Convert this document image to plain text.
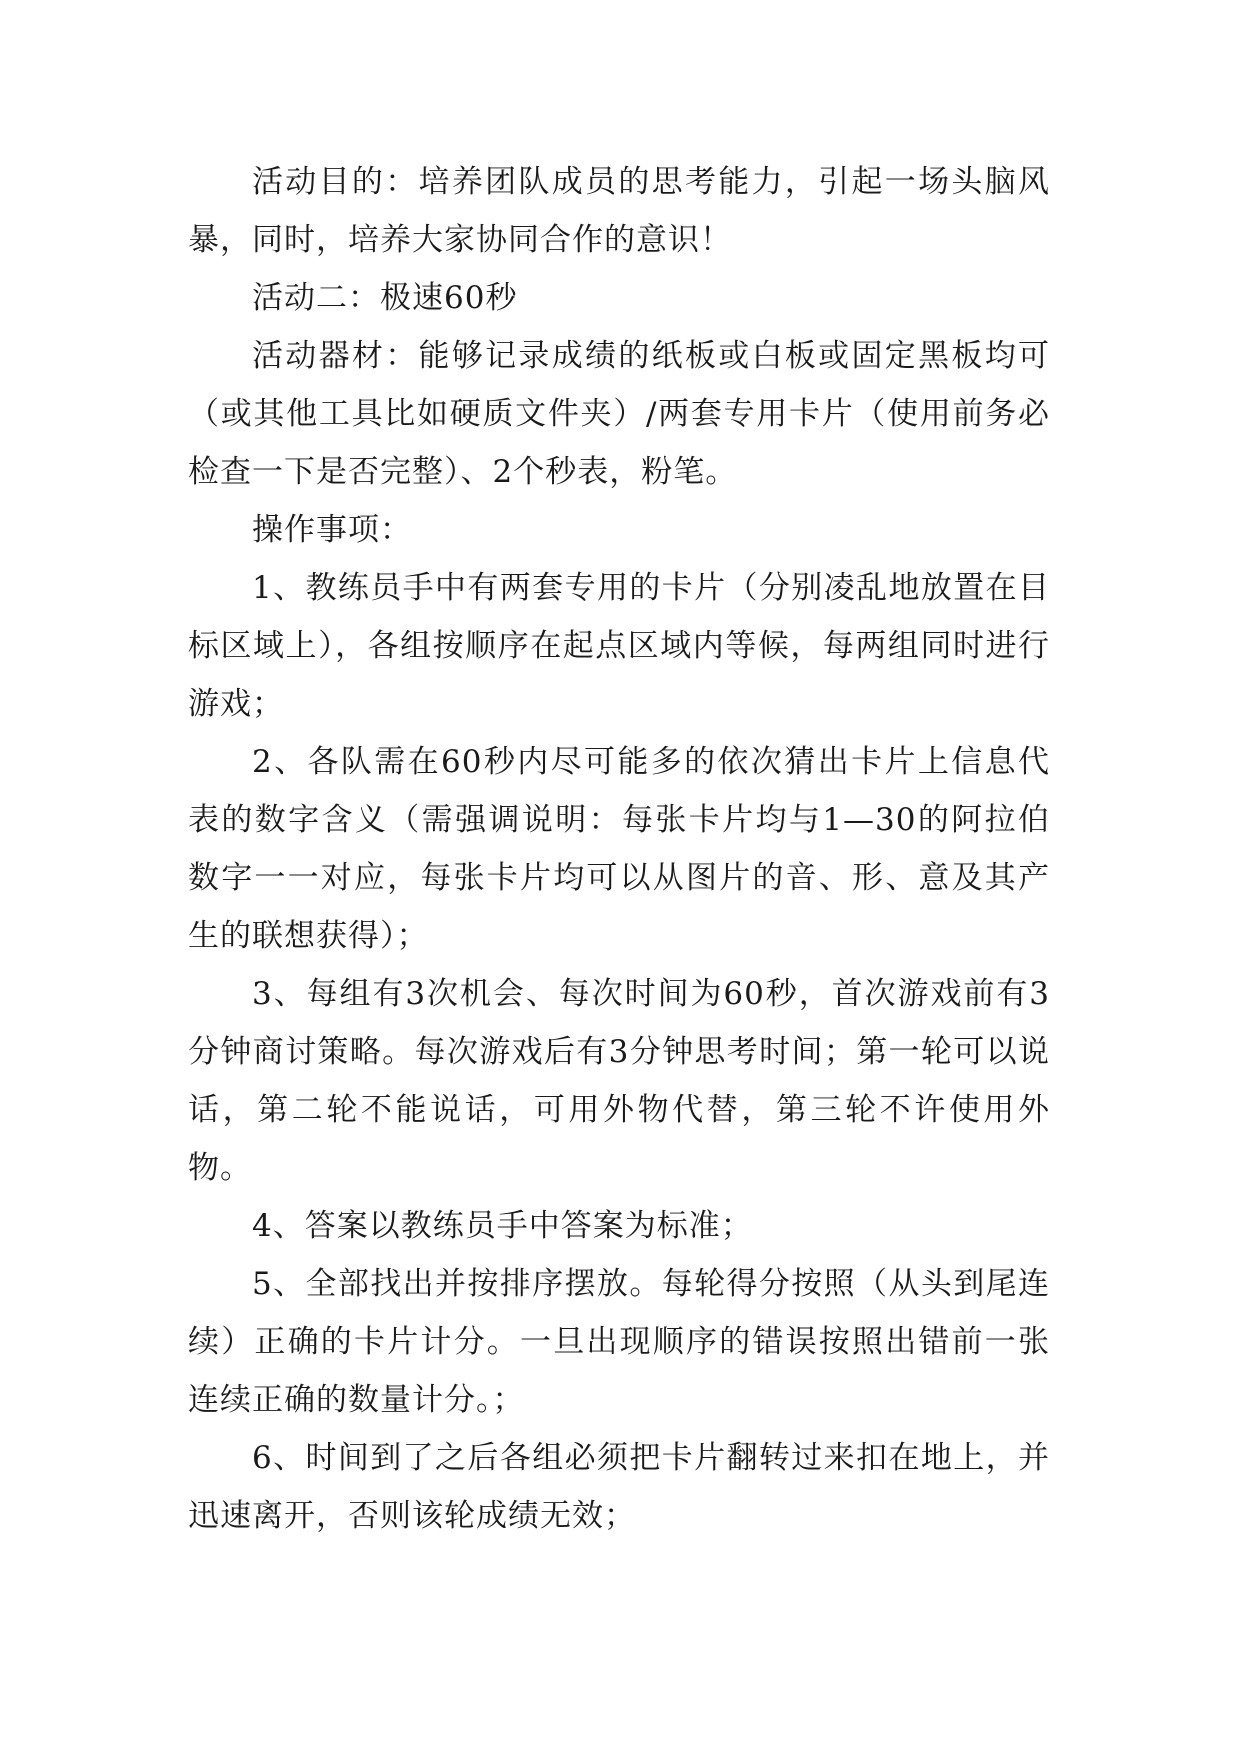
活动目的：培养团队成员的思考能力，引起一场头脑风暴，同时，培养大家协同合作的意识！

活动二：极速60秒

活动器材：能够记录成绩的纸板或白板或固定黑板均可（或其他工具比如硬质文件夹）/两套专用卡片（使用前务必检查一下是否完整）、2个秒表，粉笔。

操作事项：

1、教练员手中有两套专用的卡片（分别凌乱地放置在目标区域上），各组按顺序在起点区域内等候，每两组同时进行游戏；

2、各队需在60秒内尽可能多的依次猜出卡片上信息代表的数字含义（需强调说明：每张卡片均与1—30的阿拉伯数字一一对应，每张卡片均可以从图片的音、形、意及其产生的联想获得）；

3、每组有3次机会、每次时间为60秒，首次游戏前有3分钟商讨策略。每次游戏后有3分钟思考时间；第一轮可以说话，第二轮不能说话，可用外物代替，第三轮不许使用外物。

4、答案以教练员手中答案为标准；

5、全部找出并按排序摆放。每轮得分按照（从头到尾连续）正确的卡片计分。一旦出现顺序的错误按照出错前一张连续正确的数量计分。；

6、时间到了之后各组必须把卡片翻转过来扣在地上，并迅速离开，否则该轮成绩无效；
